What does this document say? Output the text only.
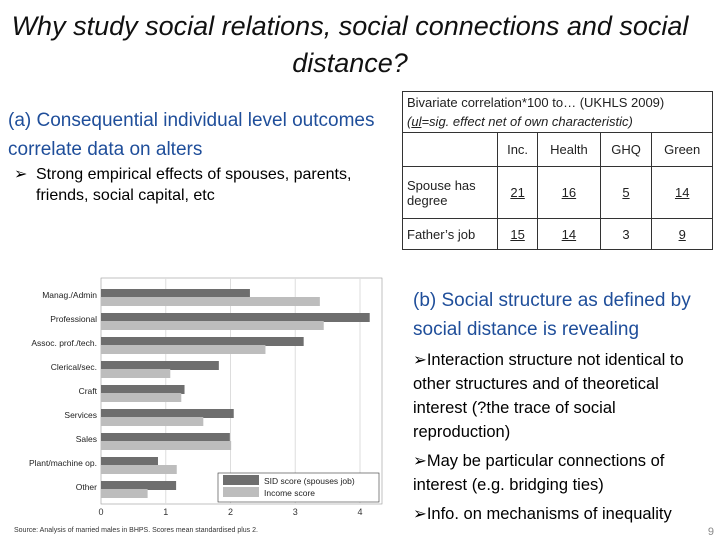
Why study social relations, social connections and social distance?
(a) Consequential individual level outcomes correlate data on alters
➢ Strong empirical effects of spouses, parents, friends, social capital, etc
Bivariate correlation*100 to… (UKHLS 2009)
(ul=sig. effect net of own characteristic)				
	Inc.	Health	GHQ	Green
Spouse has degree	21	16	5	14
Father’s job	15	14	3	9
0	1	2	3	4
Manag./Admin
Professional
Assoc. prof./tech.
Clerical/sec.
Craft
Services
Sales
Plant/machine op.
Other
SID score (spouses job)
Income score
Source: Analysis of married males in BHPS. Scores mean standardised plus 2.
(b) Social structure as defined by social distance is revealing
➢Interaction structure not identical to other structures and of theoretical interest (?the trace of social reproduction)
➢May be particular connections of interest (e.g. bridging ties)
➢Info. on mechanisms of inequality
9
